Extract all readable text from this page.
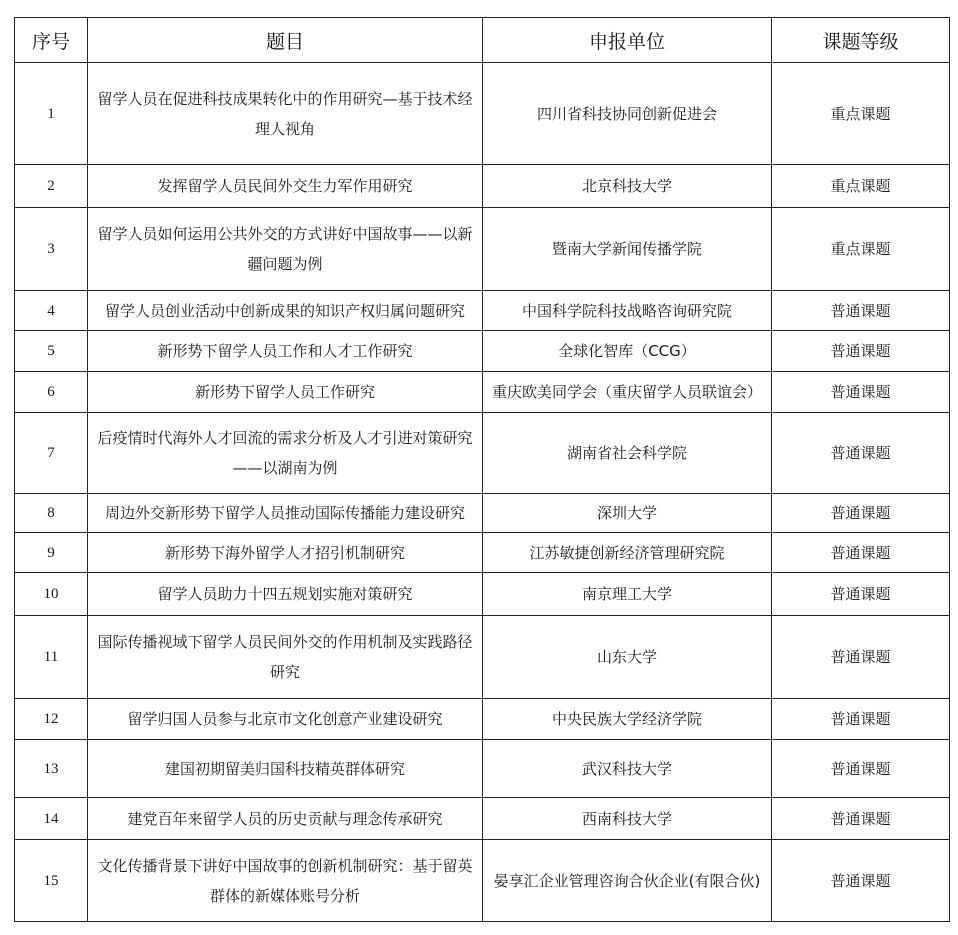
序号	题目	申报单位	课题等级
1	留学人员在促进科技成果转化中的作用研究—基于技术经理人视角	四川省科技协同创新促进会	重点课题
2	发挥留学人员民间外交生力军作用研究	北京科技大学	重点课题
3	留学人员如何运用公共外交的方式讲好中国故事——以新疆问题为例	暨南大学新闻传播学院	重点课题
4	留学人员创业活动中创新成果的知识产权归属问题研究	中国科学院科技战略咨询研究院	普通课题
5	新形势下留学人员工作和人才工作研究	全球化智库（CCG）	普通课题
6	新形势下留学人员工作研究	重庆欧美同学会（重庆留学人员联谊会）	普通课题
7	后疫情时代海外人才回流的需求分析及人才引进对策研究——以湖南为例	湖南省社会科学院	普通课题
8	周边外交新形势下留学人员推动国际传播能力建设研究	深圳大学	普通课题
9	新形势下海外留学人才招引机制研究	江苏敏捷创新经济管理研究院	普通课题
10	留学人员助力十四五规划实施对策研究	南京理工大学	普通课题
11	国际传播视域下留学人员民间外交的作用机制及实践路径研究	山东大学	普通课题
12	留学归国人员参与北京市文化创意产业建设研究	中央民族大学经济学院	普通课题
13	建国初期留美归国科技精英群体研究	武汉科技大学	普通课题
14	建党百年来留学人员的历史贡献与理念传承研究	西南科技大学	普通课题
15	文化传播背景下讲好中国故事的创新机制研究：基于留英群体的新媒体账号分析	晏享汇企业管理咨询合伙企业(有限合伙)	普通课题
